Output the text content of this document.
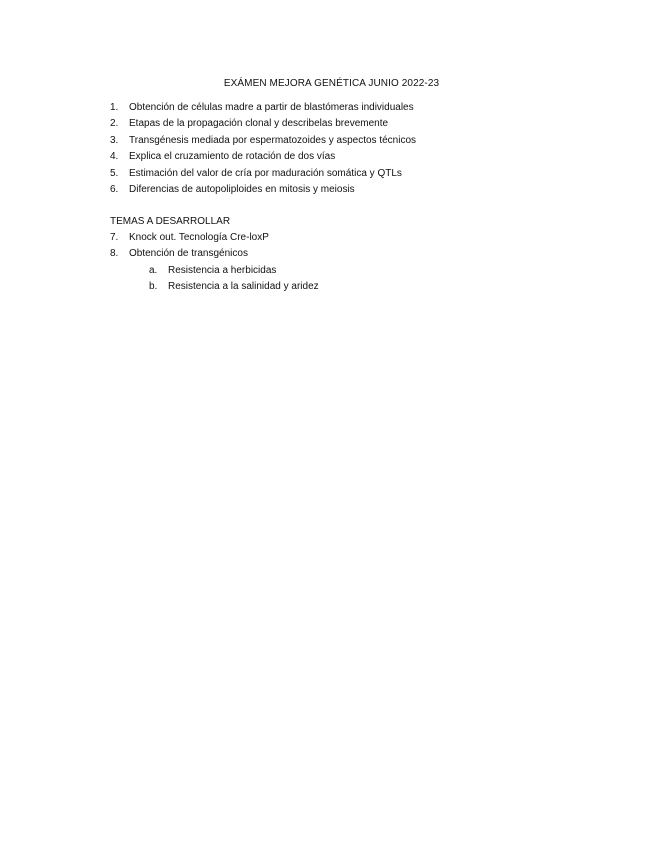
EXÁMEN MEJORA GENÉTICA JUNIO 2022-23
1. Obtención de células madre a partir de blastómeras individuales
2. Etapas de la propagación clonal y describelas brevemente
3. Transgénesis mediada por espermatozoides y aspectos técnicos
4. Explica el cruzamiento de rotación de dos vías
5. Estimación del valor de cría por maduración somática y QTLs
6. Diferencias de autopoliploides en mitosis y meiosis
TEMAS A DESARROLLAR
7. Knock out. Tecnología Cre-loxP
8. Obtención de transgénicos
a. Resistencia a herbicidas
b. Resistencia a la salinidad y aridez
